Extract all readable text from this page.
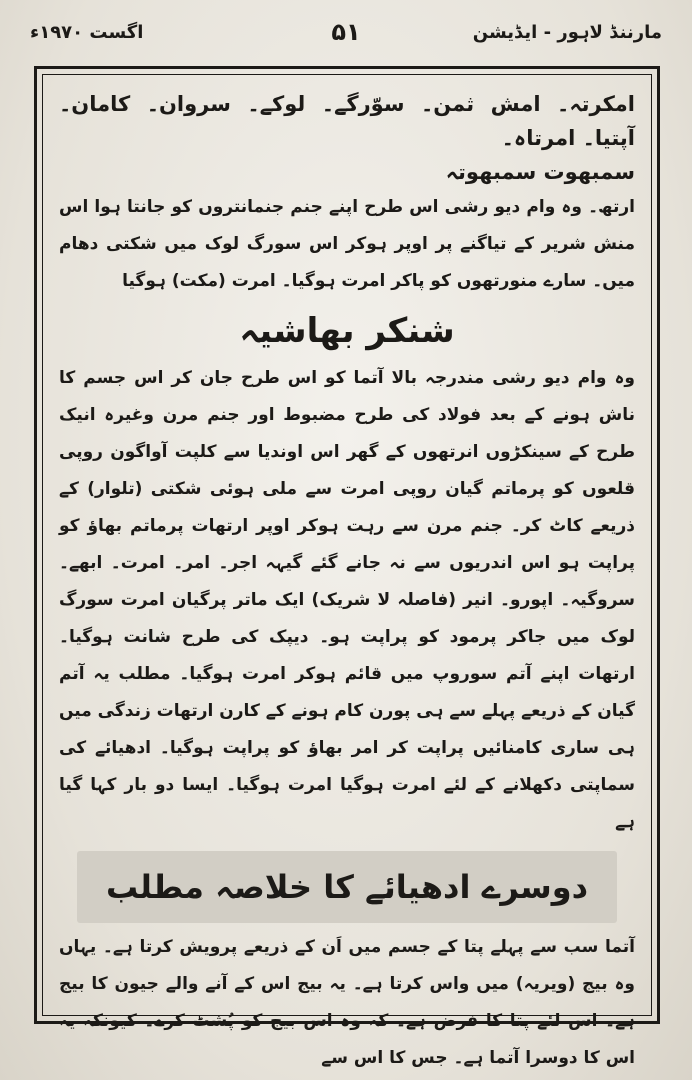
مارننڈ لاہور - ایڈیشن
۵۱
اگست ۱۹۷۰ء

امکرتہ۔ امش ثمن۔ سوّرگے۔ لوکے۔ سروان۔ کامان۔ آپتیا۔ امرتاہ۔

سمبھوت سمبھوتہ

ارتھ۔ وہ وام دیو رشی اس طرح اپنے جنم جنمانتروں کو جانتا ہوا اس منش شریر کے تیاگنے پر اوپر ہوکر اس سورگ لوک میں شکتی دھام میں۔ سارے منورتھوں کو پاکر امرت ہوگیا۔ امرت (مکت) ہوگیا

شنکر بھاشیہ

وہ وام دیو رشی مندرجہ بالا آتما کو اس طرح جان کر اس جسم کا ناش ہونے کے بعد فولاد کی طرح مضبوط اور جنم مرن وغیرہ انیک طرح کے سینکڑوں انرتھوں کے گھر اس اوندیا سے کلپت آواگون روپی قلعوں کو پرماتم گیان روپی امرت سے ملی ہوئی شکتی (تلوار) کے ذریعے کاٹ کر۔ جنم مرن سے رہت ہوکر اوپر ارتھات پرماتم بھاؤ کو پراپت ہو اس اندریوں سے نہ جانے گئے گیہہ اجر۔ امر۔ امرت۔ ابھے۔ سروگیہ۔ اپورو۔ انیر (فاصلہ لا شریک) ایک ماتر پرگیان امرت سورگ لوک میں جاکر پرمود کو پراپت ہو۔ دیپک کی طرح شانت ہوگیا۔ ارتھات اپنے آتم سوروپ میں قائم ہوکر امرت ہوگیا۔ مطلب یہ آتم گیان کے ذریعے پہلے سے ہی پورن کام ہونے کے کارن ارتھات زندگی میں ہی ساری کامنائیں پراپت کر امر بھاؤ کو پراپت ہوگیا۔ ادھیائے کی سماپتی دکھلانے کے لئے امرت ہوگیا امرت ہوگیا۔ ایسا دو بار کہا گیا ہے

دوسرے ادھیائے کا خلاصہ مطلب

آتما سب سے پہلے پتا کے جسم میں اَن کے ذریعے پرویش کرتا ہے۔ یہاں وہ بیج (ویریہ) میں واس کرتا ہے۔ یہ بیج اس کے آنے والے جیون کا بیج ہے۔ اس لئے پتا کا فرض ہے۔ کہ وہ اس بیج کو پُشٹ کرے۔ کیونکہ یہ اس کا دوسرا آتما ہے۔ جس کا اس سے
